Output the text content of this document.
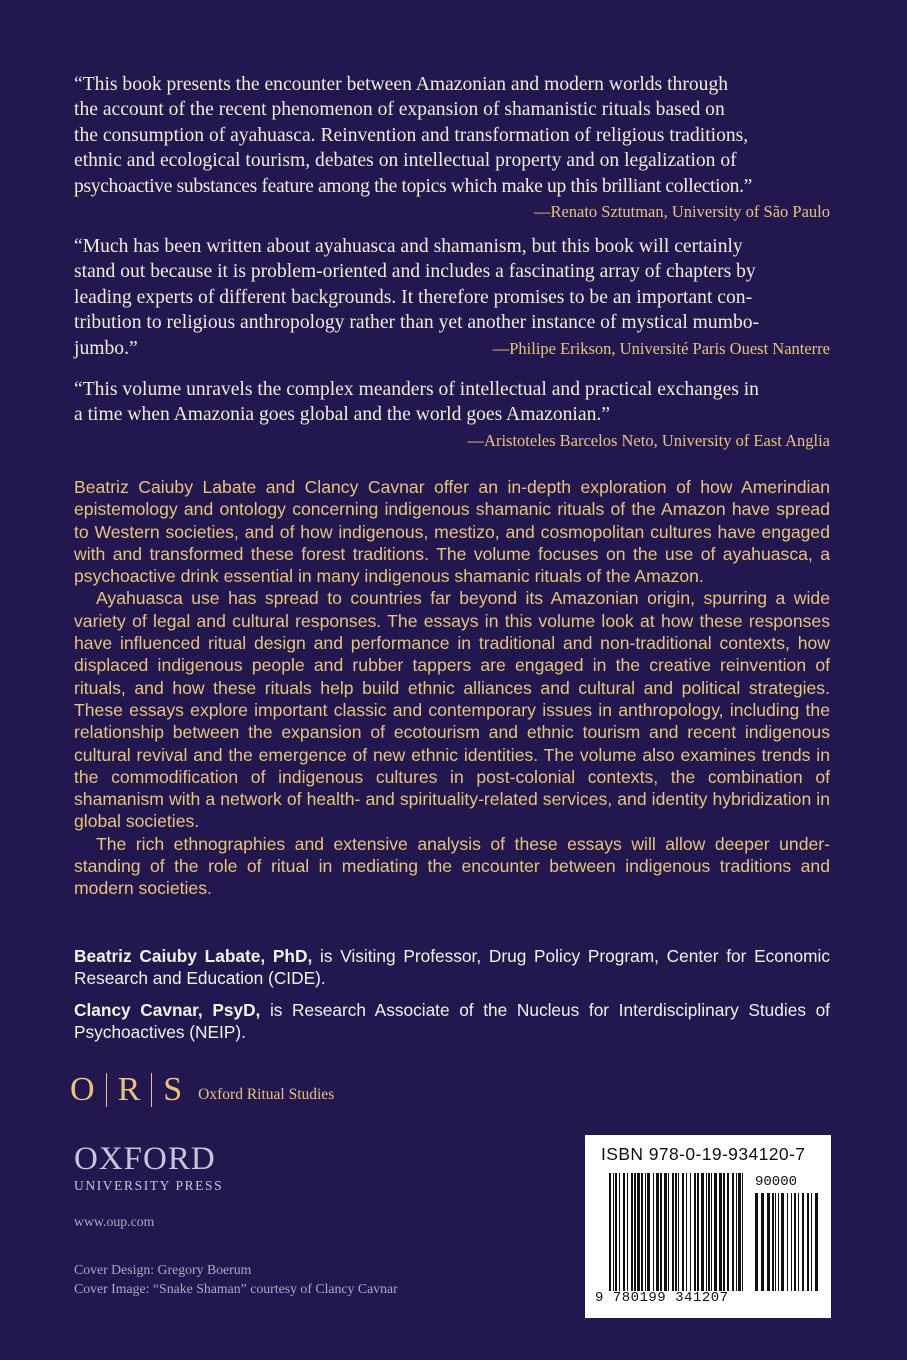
“This book presents the encounter between Amazonian and modern worlds through
the account of the recent phenomenon of expansion of shamanistic rituals based on
the consumption of ayahuasca. Reinvention and transformation of religious traditions,
ethnic and ecological tourism, debates on intellectual property and on legalization of
psychoactive substances feature among the topics which make up this brilliant collection.”
—Renato Sztutman, University of São Paulo
“Much has been written about ayahuasca and shamanism, but this book will certainly
stand out because it is problem-oriented and includes a fascinating array of chapters by
leading experts of different backgrounds. It therefore promises to be an important con-
tribution to religious anthropology rather than yet another instance of mystical mumbo-
jumbo.”	—Philipe Erikson, Université Paris Ouest Nanterre
“This volume unravels the complex meanders of intellectual and practical exchanges in
a time when Amazonia goes global and the world goes Amazonian.”
—Aristoteles Barcelos Neto, University of East Anglia

Beatriz Caiuby Labate and Clancy Cavnar offer an in-depth exploration of how Amerindian epistemology and ontology concerning indigenous shamanic rituals of the Amazon have spread to Western societies, and of how indigenous, mestizo, and cosmopolitan cultures have engaged with and transformed these forest traditions. The volume focuses on the use of ayahuasca, a psychoactive drink essential in many indigenous shamanic rituals of the Amazon.

Ayahuasca use has spread to countries far beyond its Amazonian origin, spurring a wide variety of legal and cultural responses. The essays in this volume look at how these responses have influenced ritual design and performance in traditional and non-traditional contexts, how displaced indigenous people and rubber tappers are engaged in the creative reinvention of rituals, and how these rituals help build ethnic alliances and cultural and political strategies. These essays explore important classic and contemporary issues in anthropology, including the relationship between the expansion of ecotourism and ethnic tourism and recent indigenous cultural revival and the emergence of new ethnic identities. The volume also examines trends in the commodification of indigenous cultures in post-colonial contexts, the combination of shamanism with a network of health- and spirituality-related services, and identity hybridization in global societies.

The rich ethnographies and extensive analysis of these essays will allow deeper understanding of the role of ritual in mediating the encounter between indigenous traditions and modern societies.

Beatriz Caiuby Labate, PhD, is Visiting Professor, Drug Policy Program, Center for Economic Research and Education (CIDE).
Clancy Cavnar, PsyD, is Research Associate of the Nucleus for Interdisciplinary Studies of Psychoactives (NEIP).
O R S Oxford Ritual Studies
OXFORD
UNIVERSITY PRESS
www.oup.com
Cover Design: Gregory Boerum
Cover Image: “Snake Shaman” courtesy of Clancy Cavnar
ISBN 978-0-19-934120-7
90000
9 780199 341207
